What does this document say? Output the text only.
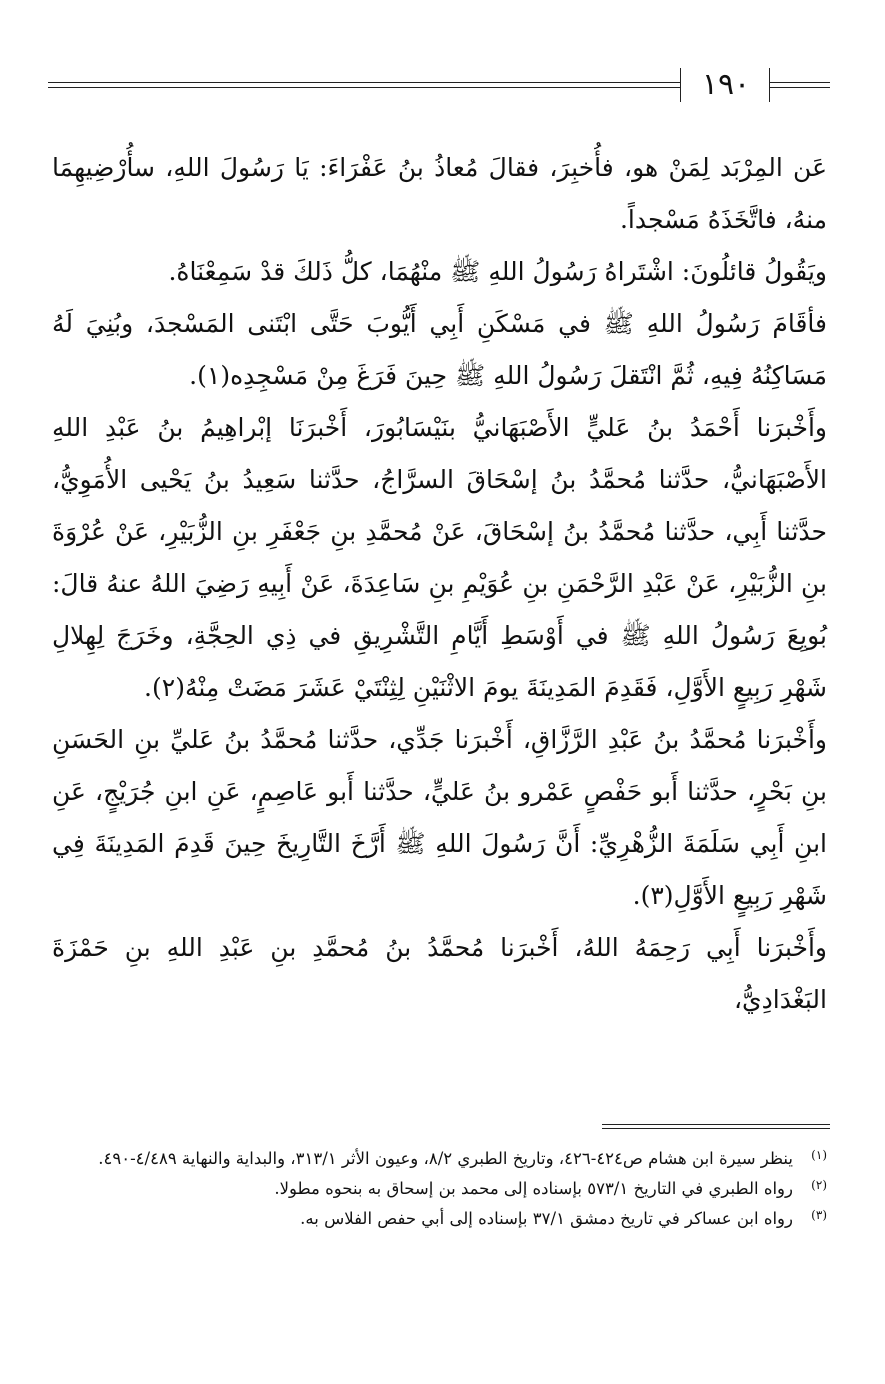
١٩٠

عَن المِرْبَد لِمَنْ هو، فأُخبِرَ، فقالَ مُعاذُ بنُ عَفْرَاءَ: يَا رَسُولَ اللهِ، سأُرْضِيهِمَا منهُ، فاتَّخَذَهُ مَسْجداً.

ويَقُولُ قائلُونَ: اشْتَراهُ رَسُولُ اللهِ ﷺ منْهُمَا، كلُّ ذَلكَ قدْ سَمِعْنَاهُ.

فأقَامَ رَسُولُ اللهِ ﷺ في مَسْكَنِ أَبِي أَيُّوبَ حَتَّى ابْتَنى المَسْجدَ، وبُنِيَ لَهُ مَسَاكِنُهُ فِيهِ، ثُمَّ انْتَقلَ رَسُولُ اللهِ ﷺ حِينَ فَرَغَ مِنْ مَسْجِدِه(١).

وأَخْبرَنا أَحْمَدُ بنُ عَليٍّ الأَصْبَهَانيُّ بنَيْسَابُورَ، أَخْبرَنَا إبْراهِيمُ بنُ عَبْدِ اللهِ الأَصْبَهَانيُّ، حدَّثنا مُحمَّدُ بنُ إسْحَاقَ السرَّاجُ، حدَّثنا سَعِيدُ بنُ يَحْيى الأُمَوِيُّ، حدَّثنا أَبِي، حدَّثنا مُحمَّدُ بنُ إسْحَاقَ، عَنْ مُحمَّدِ بنِ جَعْفَرِ بنِ الزُّبَيْرِ، عَنْ عُرْوَةَ بنِ الزُّبَيْرِ، عَنْ عَبْدِ الرَّحْمَنِ بنِ عُوَيْمِ بنِ سَاعِدَةَ، عَنْ أَبِيهِ رَضِيَ اللهُ عنهُ قالَ: بُويِعَ رَسُولُ اللهِ ﷺ في أَوْسَطِ أَيَّامِ التَّشْرِيقِ في ذِي الحِجَّةِ، وخَرَجَ لِهِلالِ شَهْرِ رَبِيعٍ الأَوَّلِ، فَقَدِمَ المَدِينَةَ يومَ الاثْنَيْنِ لِثِنْتَيْ عَشَرَ مَضَتْ مِنْهُ(٢).

وأَخْبرَنا مُحمَّدُ بنُ عَبْدِ الرَّزَّاقِ، أَخْبرَنا جَدِّي، حدَّثنا مُحمَّدُ بنُ عَليِّ بنِ الحَسَنِ بنِ بَحْرٍ، حدَّثنا أَبو حَفْصٍ عَمْرو بنُ عَليٍّ، حدَّثنا أَبو عَاصِمٍ، عَنِ ابنِ جُرَيْجٍ، عَنِ ابنِ أَبِي سَلَمَةَ الزُّهْرِيِّ: أَنَّ رَسُولَ اللهِ ﷺ أَرَّخَ التَّارِيخَ حِينَ قَدِمَ المَدِينَةَ فِي شَهْرِ رَبِيعٍ الأَوَّلِ(٣).

وأَخْبرَنا أَبِي رَحِمَهُ اللهُ، أَخْبرَنا مُحمَّدُ بنُ مُحمَّدِ بنِ عَبْدِ اللهِ بنِ حَمْزَةَ البَغْدَادِيُّ،

(١)
ينظر سيرة ابن هشام ص٤٢٤-٤٢٦، وتاريخ الطبري ٨/٢، وعيون الأثر ٣١٣/١، والبداية والنهاية ٤/٤٨٩-٤٩٠.
(٢)
رواه الطبري في التاريخ ٥٧٣/١ بإسناده إلى محمد بن إسحاق به بنحوه مطولا.
(٣)
رواه ابن عساكر في تاريخ دمشق ٣٧/١ بإسناده إلى أبي حفص الفلاس به.
